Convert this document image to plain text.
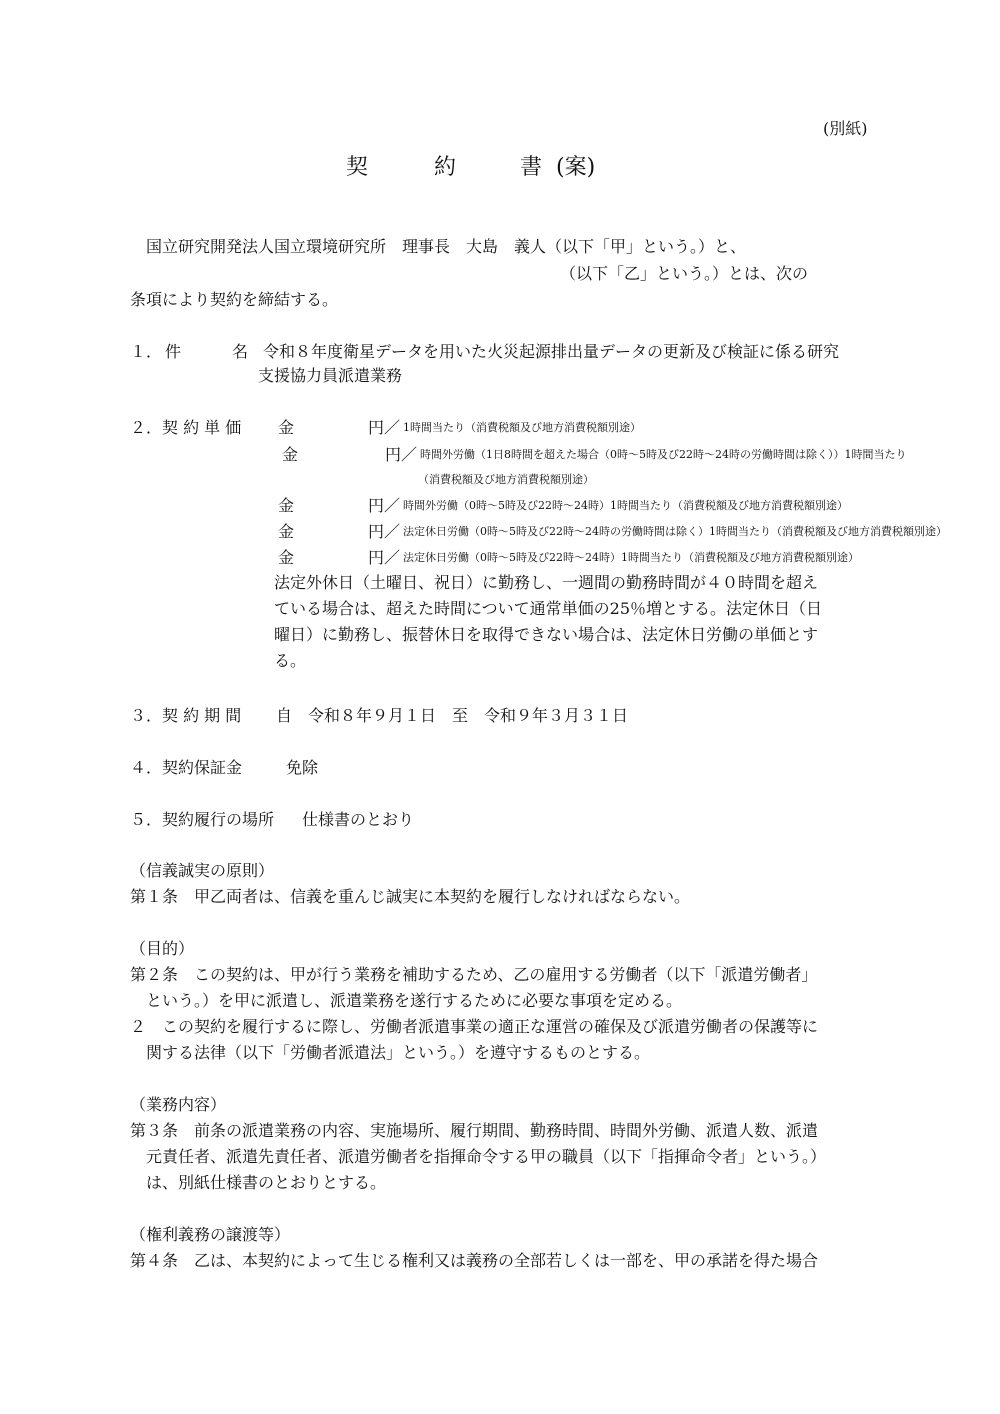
(別紙)
契	約	書 (案)
国立研究開発法人国立環境研究所　理事長　大島　義人（以下「甲」という。）と、
（以下「乙」という。）とは、次の
条項により契約を締結する。
１． 件	名 令和８年度衛星データを用いた火災起源排出量データの更新及び検証に係る研究
支援協力員派遣業務
２．契 約 単 価 金	円／ 1時間当たり（消費税額及び地方消費税額別途）
金	円／ 時間外労働（1日8時間を超えた場合（0時～5時及び22時～24時の労働時間は除く））1時間当たり
（消費税額及び地方消費税額別途）
金	円／ 時間外労働（0時～5時及び22時～24時）1時間当たり（消費税額及び地方消費税額別途）
金	円／ 法定休日労働（0時～5時及び22時～24時の労働時間は除く）1時間当たり（消費税額及び地方消費税額別途）
金	円／ 法定休日労働（0時～5時及び22時～24時）1時間当たり（消費税額及び地方消費税額別途）
法定外休日（土曜日、祝日）に勤務し、一週間の勤務時間が４０時間を超え
ている場合は、超えた時間について通常単価の25％増とする。法定休日（日
曜日）に勤務し、振替休日を取得できない場合は、法定休日労働の単価とす
る。
３．契 約 期 間 自　令和８年９月１日　至　令和９年３月３１日
４．契約保証金	免除
５．契約履行の場所 仕様書のとおり
（信義誠実の原則）
第１条　甲乙両者は、信義を重んじ誠実に本契約を履行しなければならない。
（目的）
第２条　この契約は、甲が行う業務を補助するため、乙の雇用する労働者（以下「派遣労働者」
という。）を甲に派遣し、派遣業務を遂行するために必要な事項を定める。
２　この契約を履行するに際し、労働者派遣事業の適正な運営の確保及び派遣労働者の保護等に
関する法律（以下「労働者派遣法」という。）を遵守するものとする。
（業務内容）
第３条　前条の派遣業務の内容、実施場所、履行期間、勤務時間、時間外労働、派遣人数、派遣
元責任者、派遣先責任者、派遣労働者を指揮命令する甲の職員（以下「指揮命令者」という。）
は、別紙仕様書のとおりとする。
（権利義務の譲渡等）
第４条　乙は、本契約によって生じる権利又は義務の全部若しくは一部を、甲の承諾を得た場合
